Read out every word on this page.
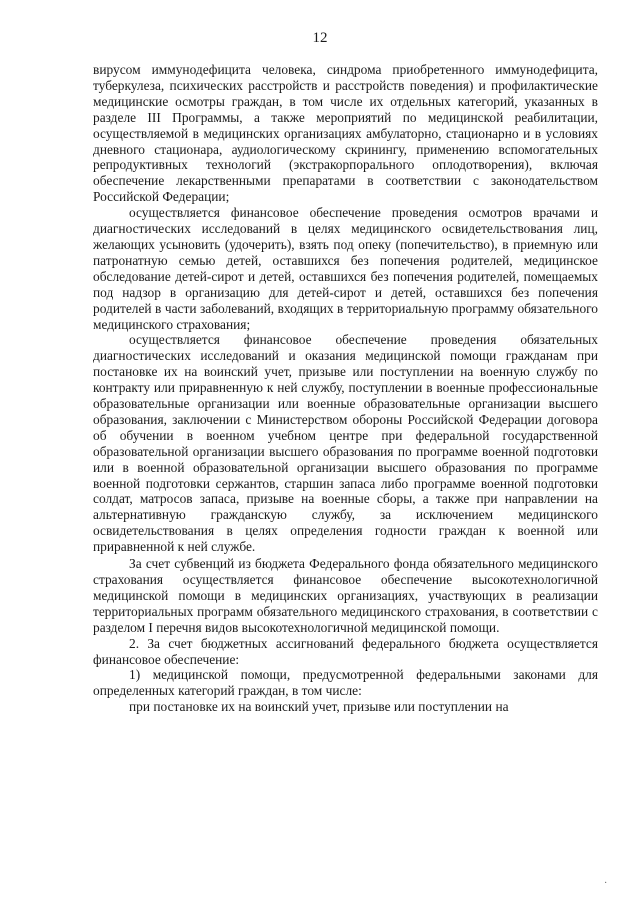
12

вирусом иммунодефицита человека, синдрома приобретенного иммунодефицита, туберкулеза, психических расстройств и расстройств поведения) и профилактические медицинские осмотры граждан, в том числе их отдельных категорий, указанных в разделе III Программы, а также мероприятий по медицинской реабилитации, осуществляемой в медицинских организациях амбулаторно, стационарно и в условиях дневного стационара, аудиологическому скринингу, применению вспомогательных репродуктивных технологий (экстракорпорального оплодотворения), включая обеспечение лекарственными препаратами в соответствии с законодательством Российской Федерации;

осуществляется финансовое обеспечение проведения осмотров врачами и диагностических исследований в целях медицинского освидетельствования лиц, желающих усыновить (удочерить), взять под опеку (попечительство), в приемную или патронатную семью детей, оставшихся без попечения родителей, медицинское обследование детей-сирот и детей, оставшихся без попечения родителей, помещаемых под надзор в организацию для детей-сирот и детей, оставшихся без попечения родителей в части заболеваний, входящих в территориальную программу обязательного медицинского страхования;

осуществляется финансовое обеспечение проведения обязательных диагностических исследований и оказания медицинской помощи гражданам при постановке их на воинский учет, призыве или поступлении на военную службу по контракту или приравненную к ней службу, поступлении в военные профессиональные образовательные организации или военные образовательные организации высшего образования, заключении с Министерством обороны Российской Федерации договора об обучении в военном учебном центре при федеральной государственной образовательной организации высшего образования по программе военной подготовки или в военной образовательной организации высшего образования по программе военной подготовки сержантов, старшин запаса либо программе военной подготовки солдат, матросов запаса, призыве на военные сборы, а также при направлении на альтернативную гражданскую службу, за исключением медицинского освидетельствования в целях определения годности граждан к военной или приравненной к ней службе.

За счет субвенций из бюджета Федерального фонда обязательного медицинского страхования осуществляется финансовое обеспечение высокотехнологичной медицинской помощи в медицинских организациях, участвующих в реализации территориальных программ обязательного медицинского страхования, в соответствии с разделом I перечня видов высокотехнологичной медицинской помощи.

2. За счет бюджетных ассигнований федерального бюджета осуществляется финансовое обеспечение:

1) медицинской помощи, предусмотренной федеральными законами для определенных категорий граждан, в том числе:

при постановке их на воинский учет, призыве или поступлении на

·
